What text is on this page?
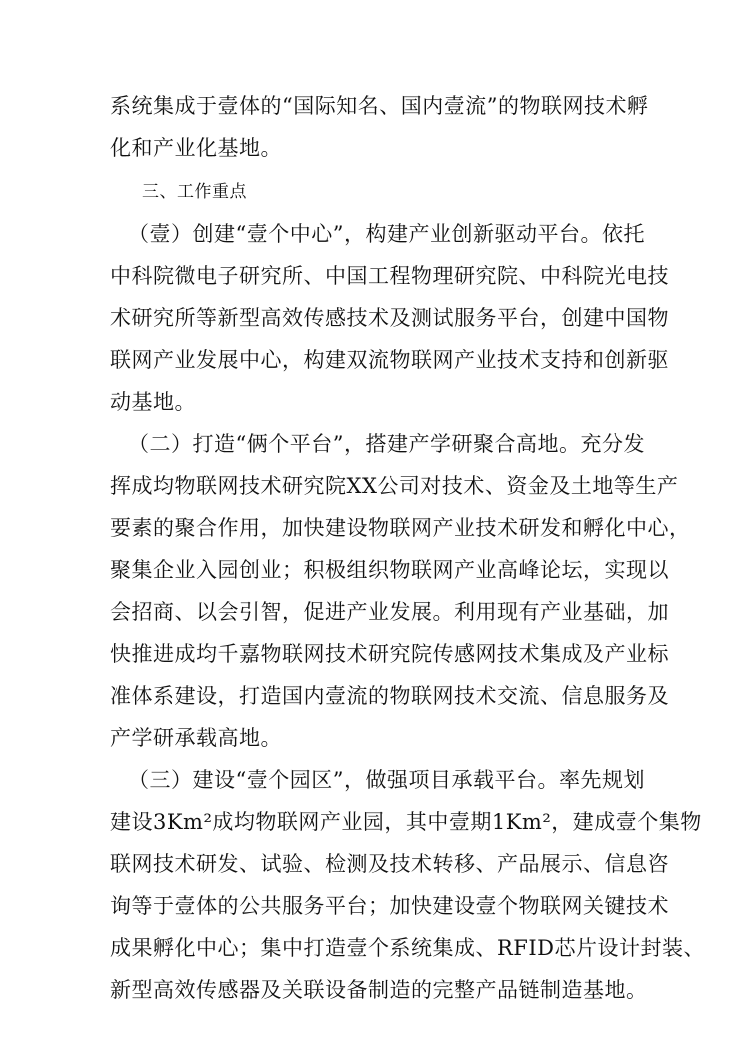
系统集成于壹体的“国际知名、国内壹流”的物联网技术孵
化和产业化基地。
三、工作重点
（壹）创建“壹个中心”，构建产业创新驱动平台。依托
中科院微电子研究所、中国工程物理研究院、中科院光电技
术研究所等新型高效传感技术及测试服务平台，创建中国物
联网产业发展中心，构建双流物联网产业技术支持和创新驱
动基地。
（二）打造“俩个平台”，搭建产学研聚合高地。充分发
挥成均物联网技术研究院XX公司对技术、资金及土地等生产
要素的聚合作用，加快建设物联网产业技术研发和孵化中心，
聚集企业入园创业；积极组织物联网产业高峰论坛，实现以
会招商、以会引智，促进产业发展。利用现有产业基础，加
快推进成均千嘉物联网技术研究院传感网技术集成及产业标
准体系建设，打造国内壹流的物联网技术交流、信息服务及
产学研承载高地。
（三）建设“壹个园区”，做强项目承载平台。率先规划
建设3Km²成均物联网产业园，其中壹期1Km²，建成壹个集物
联网技术研发、试验、检测及技术转移、产品展示、信息咨
询等于壹体的公共服务平台；加快建设壹个物联网关键技术
成果孵化中心；集中打造壹个系统集成、RFID芯片设计封装、
新型高效传感器及关联设备制造的完整产品链制造基地。
